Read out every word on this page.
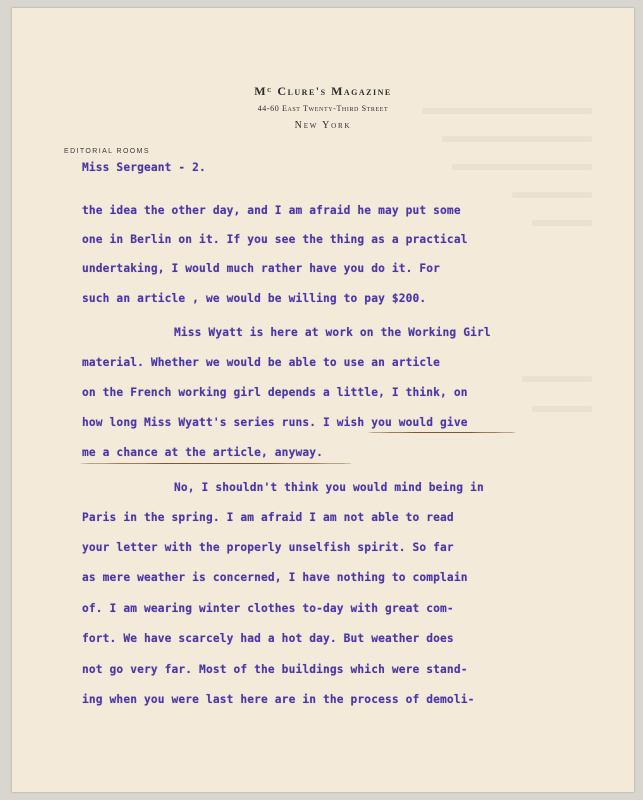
$M^c$ Clure's Magazine
44-60 East Twenty-Third Street
New York
EDITORIAL ROOMS
Miss Sergeant - 2.
the idea the other day, and I am afraid he may put some
one in Berlin on it. If you see the thing as a practical
undertaking, I would much rather have you do it. For
such an article , we would be willing to pay $200.
Miss Wyatt is here at work on the Working Girl
material. Whether we would be able to use an article
on the French working girl depends a little, I think, on
how long Miss Wyatt's series runs. I wish you would give
me a chance at the article, anyway.
No, I shouldn't think you would mind being in
Paris in the spring. I am afraid I am not able to read
your letter with the properly unselfish spirit. So far
as mere weather is concerned, I have nothing to complain
of. I am wearing winter clothes to-day with great com-
fort. We have scarcely had a hot day. But weather does
not go very far. Most of the buildings which were stand-
ing when you were last here are in the process of demoli-
